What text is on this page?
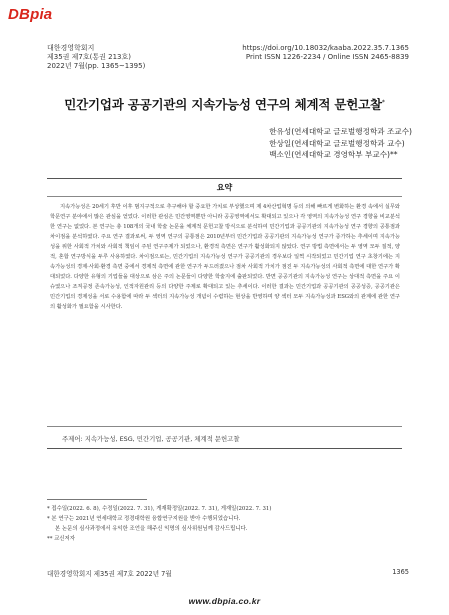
DBpia
대한경영학회지
제35권 제7호(통권 213호)
2022년 7월(pp. 1365~1395)
https://doi.org/10.18032/kaaba.2022.35.7.1365
Print ISSN 1226-2234 / Online ISSN 2465-8839
민간기업과 공공기관의 지속가능성 연구의 체계적 문헌고찰*
한유성(연세대학교 글로벌행정학과 조교수)
한상일(연세대학교 글로벌행정학과 교수)
백소인(연세대학교 경영학부 부교수)**
요약
지속가능성은 20세기 후반 이후 범지구적으로 추구해야 할 중요한 가치로 부상했으며 제 4차산업혁명 등의 의해 빠르게 변화하는 환경 속에서 실무와 학문연구 분야에서 많은 관심을 얻었다. 이러한 관심은 민간영역뿐만 아니라 공공영역에서도 확대되고 있으나 각 영역의 지속가능성 연구 경향을 비교분석한 연구는 없었다. 본 연구는 총 108개의 국내 학술 논문을 체계적 문헌고찰 방식으로 분석하여 민간기업과 공공기관의 지속가능성 연구 경향의 공통점과 차이점을 분석하였다. 주요 연구 결과로써, 두 영역 연구의 공통점은 2010년부터 민간기업과 공공기관의 지속가능성 연구가 증가하는 추세이며 지속가능성을 위한 사회적 가치와 사회적 책임이 주된 연구주제가 되었으나, 환경적 측면은 연구가 활성화되지 않았다. 연구 방법 측면에서는 두 영역 모두 질적, 양적, 혼합 연구방식을 두루 사용하였다. 차이점으로는, 민간기업의 지속가능성 연구가 공공기관의 경우보다 일찍 시작되었고 민간기업 연구 초창기에는 지속가능성의 경제·사회·환경 측면 중에서 경제적 측면에 관한 연구가 두드러졌으나 점차 사회적 가치가 점진 두 지속가능성의 사회적 측면에 대한 연구가 확대되었다. 다양한 유형의 기업들을 대상으로 삼은 주의 논문들이 다양한 학술지에 출판되었다. 반면 공공기관의 지속가능성 연구는 상대적 측면을 주요 이슈였으나 조직공정 존속가능성, 인적자원관리 등의 다양한 주제로 확대되고 있는 추세이다. 이러한 결과는 민간기업과 공공기관의 공공성증, 공공기관은 민간기업의 경제성을 서로 수용함에 따라 두 섹터의 지속가능성 개념이 수렴하는 현상을 반영하며 양 섹터 모두 지속가능성과 ESG와의 관계에 관한 연구의 활성화가 필요함을 시사한다.
주제어: 지속가능성, ESG, 민간기업, 공공기관, 체계적 문헌고찰
* 접수일(2022. 6. 8), 수정일(2022. 7. 31), 게재확정일(2022. 7. 31), 게재일(2022. 7. 31)
* 본 연구는 2021년 연세대학교 정경대학원 융합연구지원을 받아 수행되었습니다.
본 논문의 심사과정에서 유익한 조언을 해주신 익명의 심사위원님께 감사드립니다.
** 교신저자
대한경영학회지 제35권 제7호 2022년 7월	1365
www.dbpia.co.kr
